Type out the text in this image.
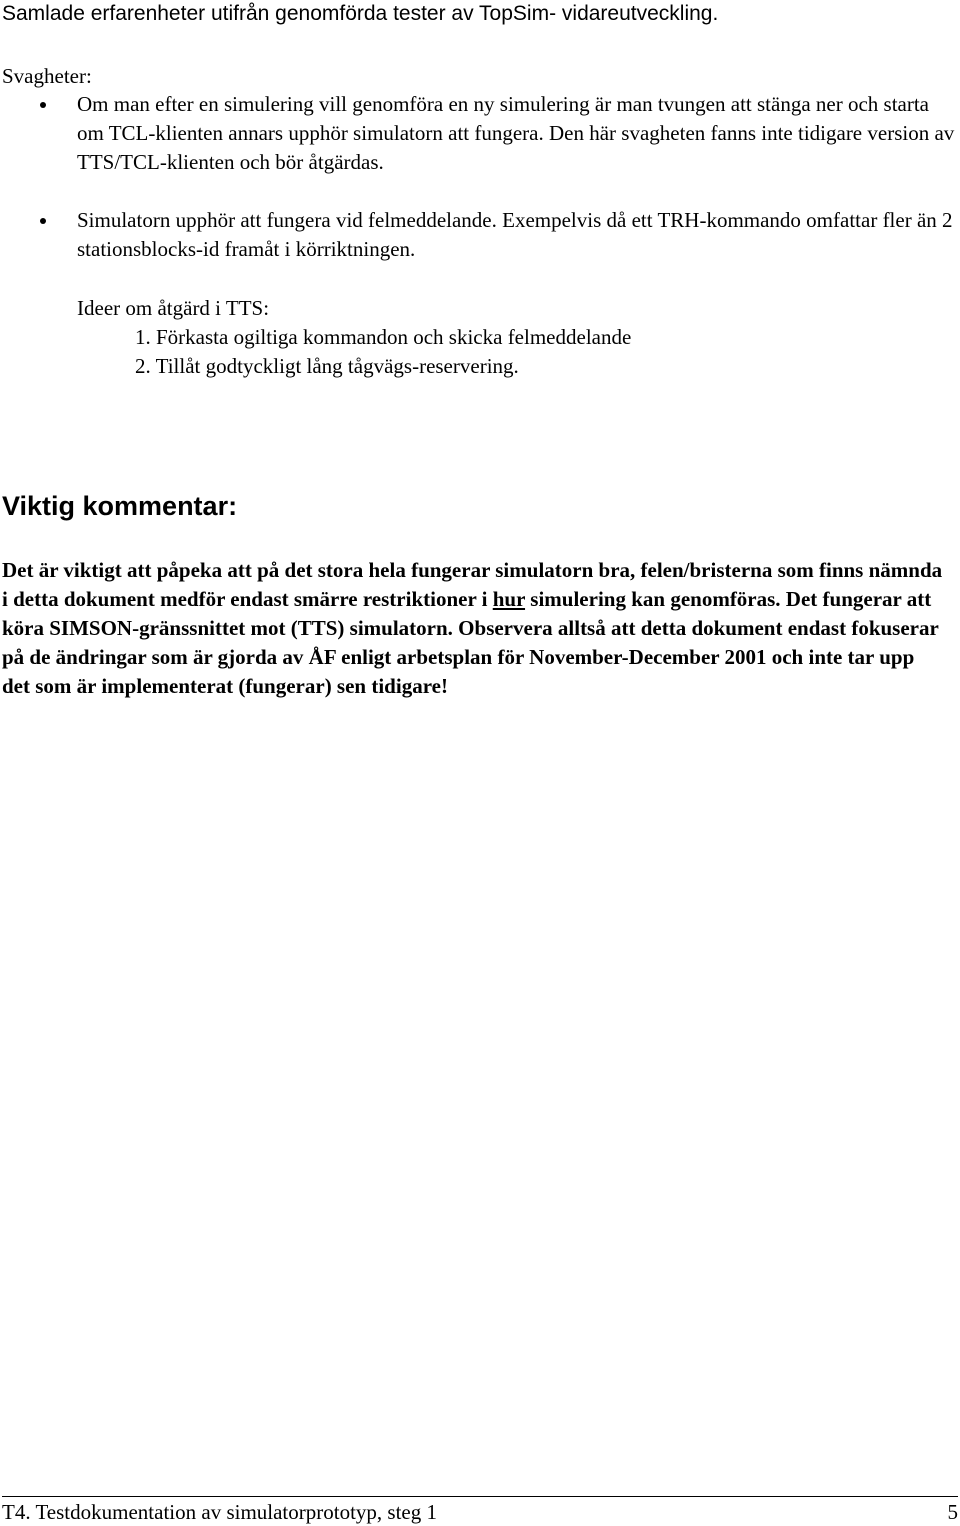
Samlade erfarenheter utifrån genomförda tester av TopSim- vidareutveckling.
Svagheter:
Om man efter en simulering vill genomföra en ny simulering är man tvungen att stänga ner och starta om TCL-klienten annars upphör simulatorn att fungera. Den här svagheten fanns inte tidigare version av TTS/TCL-klienten och bör åtgärdas.
Simulatorn upphör att fungera vid felmeddelande. Exempelvis då ett TRH-kommando omfattar fler än 2 stationsblocks-id framåt i körriktningen.
Ideer om åtgärd i TTS:
1. Förkasta ogiltiga kommandon och skicka felmeddelande
2. Tillåt godtyckligt lång tågvägs-reservering.
Viktig kommentar:
Det är viktigt att påpeka att på det stora hela fungerar simulatorn bra, felen/bristerna som finns nämnda i detta dokument medför endast smärre restriktioner i hur simulering kan genomföras. Det fungerar att köra SIMSON-gränssnittet mot (TTS) simulatorn. Observera alltså att detta dokument endast fokuserar på de ändringar som är gjorda av ÅF enligt arbetsplan för November-December 2001 och inte tar upp det som är implementerat (fungerar) sen tidigare!
T4. Testdokumentation av simulatorprototyp, steg 1	5
